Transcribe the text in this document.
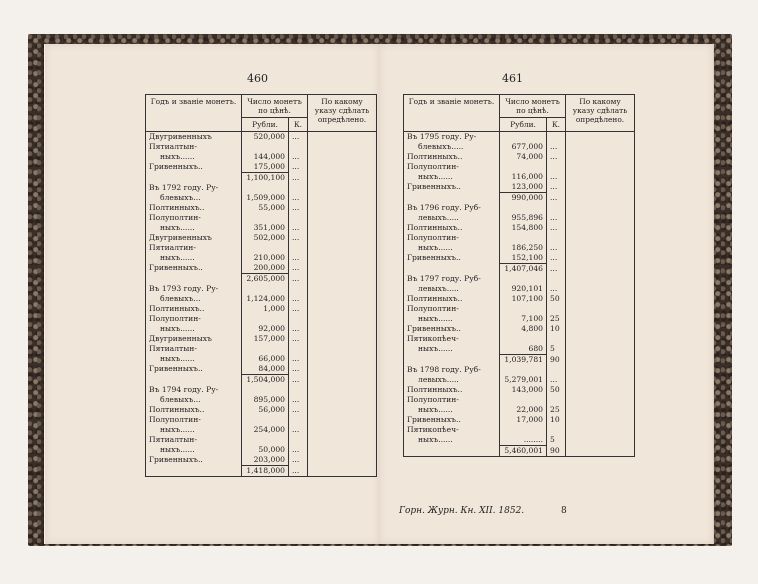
460
Годъ и званіе монетъ.	Число монетъ по цѣнѣ.		По какому указу сдѣлать опредѣлено.
	Рубли.	К.	
Двугривенныхъ	520,000	...	
Пятиалтын-			
ныхъ......	144,000	...	
Гривенныхъ..	175,000	...	
	1,100,100	...	
Въ 1792 году. Ру-			
блевыхъ...	1,509,000	...	
Полтинныхъ..	55,000	...	
Полуполтин-			
ныхъ......	351,000	...	
Двугривенныхъ	502,000	...	
Пятиалтин-			
ныхъ......	210,000	...	
Гривенныхъ..	200,000	...	
	2,605,000	...	
Въ 1793 году. Ру-			
блевыхъ...	1,124,000	...	
Полтинныхъ..	1,000	...	
Полуполтин-			
ныхъ......	92,000	...	
Двугривенныхъ	157,000	...	
Пятиалтын-			
ныхъ......	66,000	...	
Гривенныхъ..	84,000	...	
	1,504,000	...	
Въ 1794 году. Ру-			
блевыхъ...	895,000	...	
Полтинныхъ..	56,000	...	
Полуполтин-			
ныхъ......	254,000	...	
Пятиалтын-			
ныхъ......	50,000	...	
Гривенныхъ..	203,000	...	
	1,418,000	...	
461
Годъ и званіе монетъ.	Число монетъ по цѣнѣ.		По какому указу сдѣлать опредѣлено.
	Рубли.	К.	
Въ 1795 году. Ру-			
блевыхъ.....	677,000	...	
Полтинныхъ..	74,000	...	
Полуполтин-			
ныхъ......	116,000	...	
Гривенныхъ..	123,000	...	
	990,000	...	
Въ 1796 году. Руб-			
левыхъ.....	955,896	...	
Полтинныхъ..	154,800	...	
Полуполтин-			
ныхъ......	186,250	...	
Гривенныхъ..	152,100	...	
	1,407,046	...	
Въ 1797 году. Руб-			
левыхъ.....	920,101	...	
Полтинныхъ..	107,100	50	
Полуполтин-			
ныхъ......	7,100	25	
Гривенныхъ..	4,800	10	
Пятикопѣеч-			
ныхъ......	680	5	
	1,039,781	90	
Въ 1798 году. Руб-			
левыхъ.....	5,279,001	...	
Полтинныхъ..	143,000	50	
Полуполтин-			
ныхъ......	22,000	25	
Гривенныхъ..	17,000	10	
Пятикопѣеч-			
ныхъ......	........	5	
	5,460,001	90	
Горн. Журн. Кн. XII. 1852.	8
